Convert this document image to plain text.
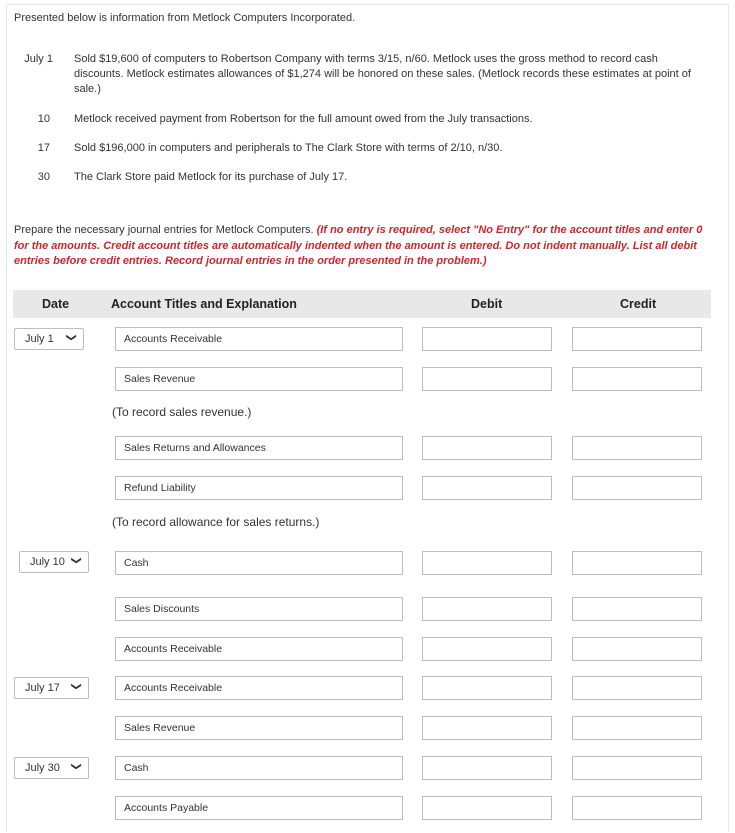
Presented below is information from Metlock Computers Incorporated.
July 1 Sold $19,600 of computers to Robertson Company with terms 3/15, n/60. Metlock uses the gross method to record cash discounts. Metlock estimates allowances of $1,274 will be honored on these sales. (Metlock records these estimates at point of sale.)
10 Metlock received payment from Robertson for the full amount owed from the July transactions.
17 Sold $196,000 in computers and peripherals to The Clark Store with terms of 2/10, n/30.
30 The Clark Store paid Metlock for its purchase of July 17.
Prepare the necessary journal entries for Metlock Computers. (If no entry is required, select "No Entry" for the account titles and enter 0 for the amounts. Credit account titles are automatically indented when the amount is entered. Do not indent manually. List all debit entries before credit entries. Record journal entries in the order presented in the problem.)
Date	Account Titles and Explanation	Debit	Credit
July 1 ❯	Accounts Receivable
Sales Revenue
(To record sales revenue.)
Sales Returns and Allowances
Refund Liability
(To record allowance for sales returns.)
July 10 ❯	Cash
Sales Discounts
Accounts Receivable
July 17 ❯	Accounts Receivable
Sales Revenue
July 30 ❯	Cash
Accounts Payable
